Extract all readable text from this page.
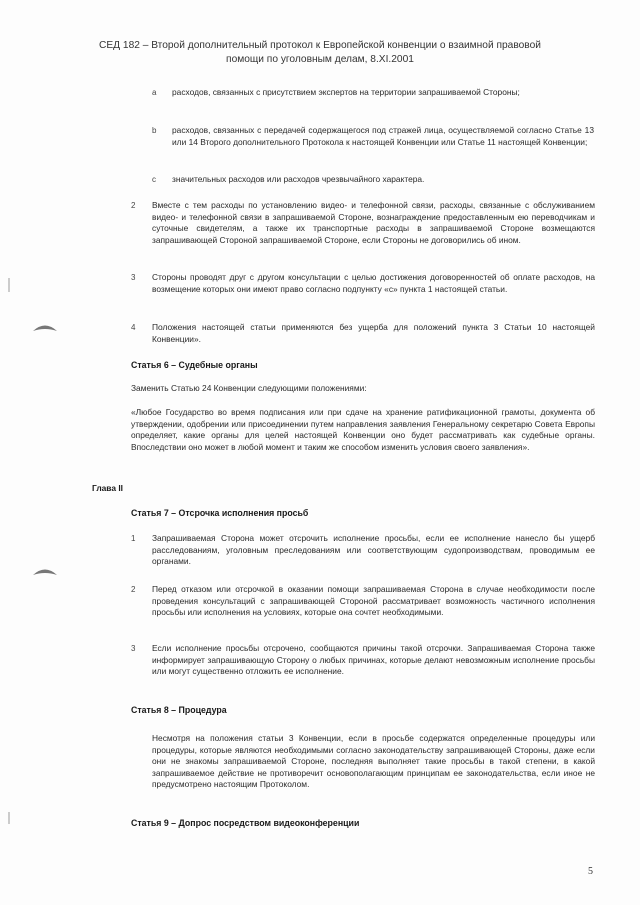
СЕД 182 – Второй дополнительный протокол к Европейской конвенции о взаимной правовой
помощи по уголовным делам, 8.XI.2001
a расходов, связанных с присутствием экспертов на территории запрашиваемой Стороны;
b расходов, связанных с передачей содержащегося под стражей лица, осуществляемой согласно Статье 13 или 14 Второго дополнительного Протокола к настоящей Конвенции или Статье 11 настоящей Конвенции;
c значительных расходов или расходов чрезвычайного характера.
2 Вместе с тем расходы по установлению видео- и телефонной связи, расходы, связанные с обслуживанием видео- и телефонной связи в запрашиваемой Стороне, вознаграждение предоставленным ею переводчикам и суточные свидетелям, а также их транспортные расходы в запрашиваемой Стороне возмещаются запрашивающей Стороной запрашиваемой Стороне, если Стороны не договорились об ином.
3 Стороны проводят друг с другом консультации с целью достижения договоренностей об оплате расходов, на возмещение которых они имеют право согласно подпункту «с» пункта 1 настоящей статьи.
4 Положения настоящей статьи применяются без ущерба для положений пункта 3 Статьи 10 настоящей Конвенции».
Статья 6 – Судебные органы
Заменить Статью 24 Конвенции следующими положениями:
«Любое Государство во время подписания или при сдаче на хранение ратификационной грамоты, документа об утверждении, одобрении или присоединении путем направления заявления Генеральному секретарю Совета Европы определяет, какие органы для целей настоящей Конвенции оно будет рассматривать как судебные органы. Впоследствии оно может в любой момент и таким же способом изменить условия своего заявления».
Глава II
Статья 7 – Отсрочка исполнения просьб
1 Запрашиваемая Сторона может отсрочить исполнение просьбы, если ее исполнение нанесло бы ущерб расследованиям, уголовным преследованиям или соответствующим судопроизводствам, проводимым ее органами.
2 Перед отказом или отсрочкой в оказании помощи запрашиваемая Сторона в случае необходимости после проведения консультаций с запрашивающей Стороной рассматривает возможность частичного исполнения просьбы или исполнения на условиях, которые она сочтет необходимыми.
3 Если исполнение просьбы отсрочено, сообщаются причины такой отсрочки. Запрашиваемая Сторона также информирует запрашивающую Сторону о любых причинах, которые делают невозможным исполнение просьбы или могут существенно отложить ее исполнение.
Статья 8 – Процедура
Несмотря на положения статьи 3 Конвенции, если в просьбе содержатся определенные процедуры или процедуры, которые являются необходимыми согласно законодательству запрашивающей Стороны, даже если они не знакомы запрашиваемой Стороне, последняя выполняет такие просьбы в такой степени, в какой запрашиваемое действие не противоречит основополагающим принципам ее законодательства, если иное не предусмотрено настоящим Протоколом.
Статья 9 – Допрос посредством видеоконференции
5
